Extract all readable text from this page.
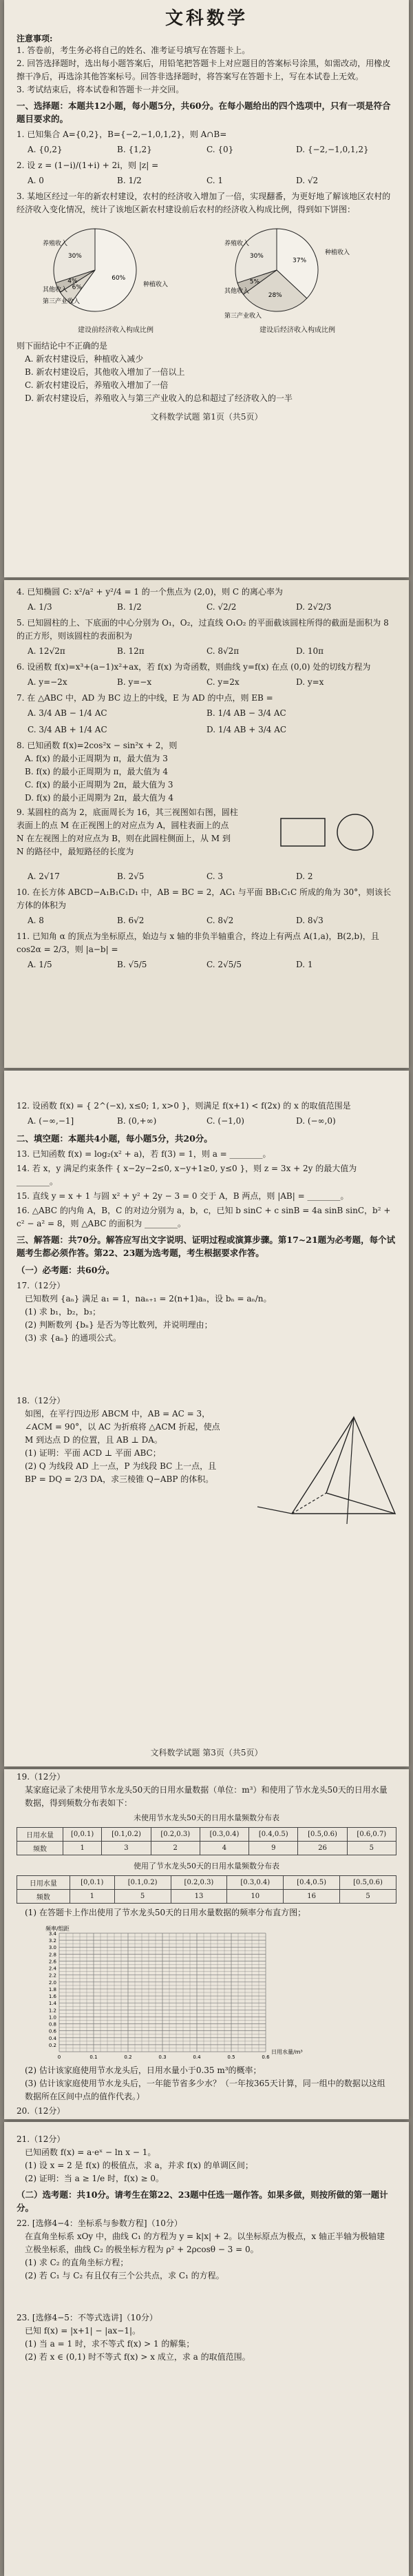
文科数学
注意事项:
1. 答卷前，考生务必将自己的姓名、准考证号填写在答题卡上。
2. 回答选择题时，选出每小题答案后，用铅笔把答题卡上对应题目的答案标号涂黑，如需改动，用橡皮擦干净后，再选涂其他答案标号。回答非选择题时，将答案写在答题卡上，写在本试卷上无效。
3. 考试结束后，将本试卷和答题卡一并交回。
一、选择题：本题共12小题，每小题5分，共60分。在每小题给出的四个选项中，只有一项是符合题目要求的。
1. 已知集合 A={0,2}，B={−2,−1,0,1,2}，则 A∩B=
A. {0,2}	B. {1,2}	C. {0}	D. {−2,−1,0,1,2}
2. 设 z = (1−i)/(1+i) + 2i，则 |z| =
A. 0	B. 1/2	C. 1	D. √2
3. 某地区经过一年的新农村建设，农村的经济收入增加了一倍，实现翻番，为更好地了解该地区农村的经济收入变化情况，统计了该地区新农村建设前后农村的经济收入构成比例，得到如下饼图：
60%
种植收入
6%
第三产业收入
4%
其他收入
30%
养殖收入
建设前经济收入构成比例
37%
种植收入
28%
第三产业收入
5%
其他收入
30%
养殖收入
建设后经济收入构成比例
则下面结论中不正确的是
A. 新农村建设后，种植收入减少
B. 新农村建设后，其他收入增加了一倍以上
C. 新农村建设后，养殖收入增加了一倍
D. 新农村建设后，养殖收入与第三产业收入的总和超过了经济收入的一半
文科数学试题 第1页（共5页）
4. 已知椭圆 C: x²/a² + y²/4 = 1 的一个焦点为 (2,0)，则 C 的离心率为
A. 1/3	B. 1/2	C. √2/2	D. 2√2/3
5. 已知圆柱的上、下底面的中心分别为 O₁，O₂，过直线 O₁O₂ 的平面截该圆柱所得的截面是面积为 8 的正方形，则该圆柱的表面积为
A. 12√2π	B. 12π	C. 8√2π	D. 10π
6. 设函数 f(x)=x³+(a−1)x²+ax，若 f(x) 为奇函数，则曲线 y=f(x) 在点 (0,0) 处的切线方程为
A. y=−2x	B. y=−x	C. y=2x	D. y=x
7. 在 △ABC 中，AD 为 BC 边上的中线，E 为 AD 的中点，则 EB =
A. 3/4 AB − 1/4 AC	B. 1/4 AB − 3/4 AC
C. 3/4 AB + 1/4 AC	D. 1/4 AB + 3/4 AC
8. 已知函数 f(x)=2cos²x − sin²x + 2，则
A. f(x) 的最小正周期为 π，最大值为 3
B. f(x) 的最小正周期为 π，最大值为 4
C. f(x) 的最小正周期为 2π，最大值为 3
D. f(x) 的最小正周期为 2π，最大值为 4
9. 某圆柱的高为 2，底面周长为 16，其三视图如右图，圆柱表面上的点 M 在正视图上的对应点为 A，圆柱表面上的点 N 在左视图上的对应点为 B，则在此圆柱侧面上，从 M 到 N 的路径中，最短路径的长度为
A. 2√17	B. 2√5	C. 3	D. 2
10. 在长方体 ABCD−A₁B₁C₁D₁ 中，AB = BC = 2，AC₁ 与平面 BB₁C₁C 所成的角为 30°，则该长方体的体积为
A. 8	B. 6√2	C. 8√2	D. 8√3
11. 已知角 α 的顶点为坐标原点，始边与 x 轴的非负半轴重合，终边上有两点 A(1,a)，B(2,b)，且 cos2α = 2/3，则 |a−b| =
A. 1/5	B. √5/5	C. 2√5/5	D. 1
12. 设函数 f(x) = { 2^(−x), x≤0; 1, x>0 }，则满足 f(x+1) < f(2x) 的 x 的取值范围是
A. (−∞,−1]	B. (0,+∞)	C. (−1,0)	D. (−∞,0)
二、填空题：本题共4小题，每小题5分，共20分。
13. 已知函数 f(x) = log₂(x² + a)，若 f(3) = 1，则 a = ________。
14. 若 x，y 满足约束条件 { x−2y−2≤0, x−y+1≥0, y≤0 }，则 z = 3x + 2y 的最大值为 ________。
15. 直线 y = x + 1 与圆 x² + y² + 2y − 3 = 0 交于 A，B 两点，则 |AB| = ________。
16. △ABC 的内角 A，B，C 的对边分别为 a，b，c，已知 b sinC + c sinB = 4a sinB sinC，b² + c² − a² = 8，则 △ABC 的面积为 ________。
三、解答题：共70分。解答应写出文字说明、证明过程或演算步骤。第17~21题为必考题，每个试题考生都必须作答。第22、23题为选考题，考生根据要求作答。
（一）必考题：共60分。
17.（12分）
已知数列 {aₙ} 满足 a₁ = 1，naₙ₊₁ = 2(n+1)aₙ，设 bₙ = aₙ/n。
(1) 求 b₁，b₂，b₃；
(2) 判断数列 {bₙ} 是否为等比数列，并说明理由；
(3) 求 {aₙ} 的通项公式。
18.（12分）
如图，在平行四边形 ABCM 中，AB = AC = 3，∠ACM = 90°，以 AC 为折痕将 △ACM 折起，使点 M 到达点 D 的位置，且 AB ⊥ DA。
(1) 证明：平面 ACD ⊥ 平面 ABC；
(2) Q 为线段 AD 上一点，P 为线段 BC 上一点，且 BP = DQ = 2/3 DA，求三棱锥 Q−ABP 的体积。
文科数学试题 第3页（共5页）
19.（12分）
某家庭记录了未使用节水龙头50天的日用水量数据（单位：m³）和使用了节水龙头50天的日用水量数据，得到频数分布表如下：
未使用节水龙头50天的日用水量频数分布表
日用水量	[0,0.1)	[0.1,0.2)	[0.2,0.3)	[0.3,0.4)	[0.4,0.5)	[0.5,0.6)	[0.6,0.7)
频数	1	3	2	4	9	26	5
使用了节水龙头50天的日用水量频数分布表
日用水量	[0,0.1)	[0.1,0.2)	[0.2,0.3)	[0.3,0.4)	[0.4,0.5)	[0.5,0.6)
频数	1	5	13	10	16	5
(1) 在答题卡上作出使用了节水龙头50天的日用水量数据的频率分布直方图；
0.2
0.4
0.6
0.8
1.0
1.2
1.4
1.6
1.8
2.0
2.2
2.4
2.6
2.8
3.0
3.2
3.4
0	0.1	0.2	0.3	0.4	0.5	0.6
频率/组距
日用水量/m³
(2) 估计该家庭使用节水龙头后，日用水量小于0.35 m³的概率；
(3) 估计该家庭使用节水龙头后，一年能节省多少水？（一年按365天计算，同一组中的数据以这组数据所在区间中点的值作代表。）
20.（12分）
21.（12分）
已知函数 f(x) = a·eˣ − ln x − 1。
(1) 设 x = 2 是 f(x) 的极值点，求 a，并求 f(x) 的单调区间；
(2) 证明：当 a ≥ 1/e 时，f(x) ≥ 0。
（二）选考题：共10分。请考生在第22、23题中任选一题作答。如果多做，则按所做的第一题计分。
22. [选修4−4：坐标系与参数方程]（10分）
在直角坐标系 xOy 中，曲线 C₁ 的方程为 y = k|x| + 2。以坐标原点为极点，x 轴正半轴为极轴建立极坐标系，曲线 C₂ 的极坐标方程为 ρ² + 2ρcosθ − 3 = 0。
(1) 求 C₂ 的直角坐标方程；
(2) 若 C₁ 与 C₂ 有且仅有三个公共点，求 C₁ 的方程。
23. [选修4−5：不等式选讲]（10分）
已知 f(x) = |x+1| − |ax−1|。
(1) 当 a = 1 时，求不等式 f(x) > 1 的解集；
(2) 若 x ∈ (0,1) 时不等式 f(x) > x 成立，求 a 的取值范围。
